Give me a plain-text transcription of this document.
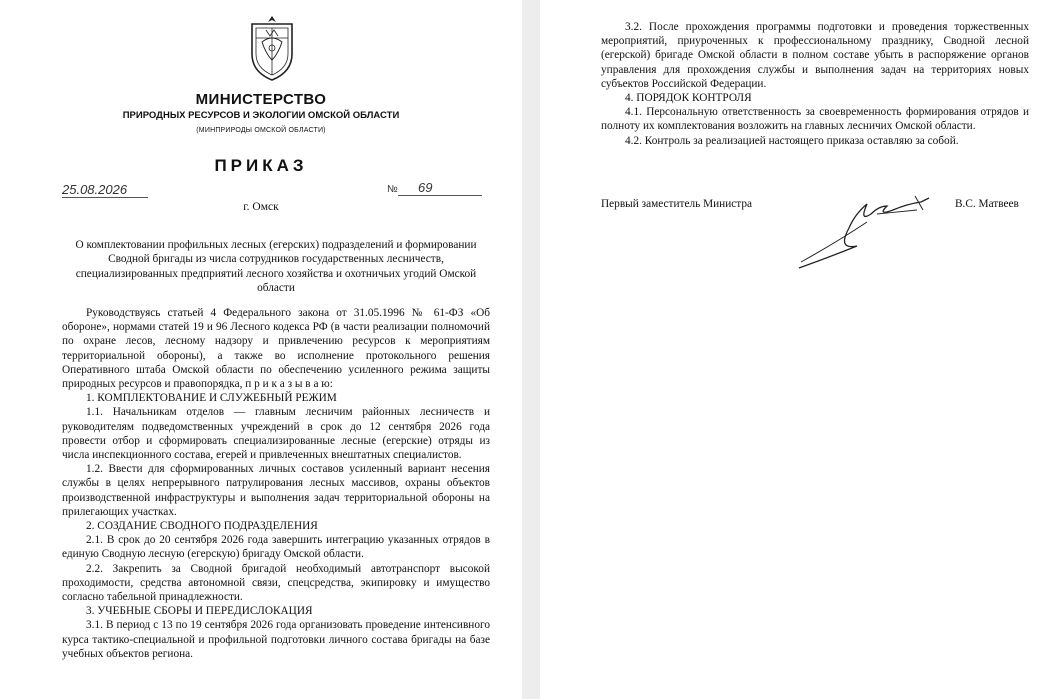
МИНИСТЕРСТВО
ПРИРОДНЫХ РЕСУРСОВ И ЭКОЛОГИИ ОМСКОЙ ОБЛАСТИ
(МИНПРИРОДЫ ОМСКОЙ ОБЛАСТИ)
ПРИКАЗ
25.08.2026	№	69
г. Омск
О комплектовании профильных лесных (егерских) подразделений и формировании Сводной бригады из числа сотрудников государственных лесничеств, специализированных предприятий лесного хозяйства и охотничьих угодий Омской области

Руководствуясь статьей 4 Федерального закона от 31.05.1996 № 61-ФЗ «Об обороне», нормами статей 19 и 96 Лесного кодекса РФ (в части реализации полномочий по охране лесов, лесному надзору и привлечению ресурсов к мероприятиям территориальной обороны), а также во исполнение протокольного решения Оперативного штаба Омской области по обеспечению усиленного режима защиты природных ресурсов и правопорядка, п р и к а з ы в а ю:

1. КОМПЛЕКТОВАНИЕ И СЛУЖЕБНЫЙ РЕЖИМ

1.1. Начальникам отделов — главным лесничим районных лесничеств и руководителям подведомственных учреждений в срок до 12 сентября 2026 года провести отбор и сформировать специализированные лесные (егерские) отряды из числа инспекционного состава, егерей и привлеченных внештатных специалистов.

1.2. Ввести для сформированных личных составов усиленный вариант несения службы в целях непрерывного патрулирования лесных массивов, охраны объектов производственной инфраструктуры и выполнения задач территориальной обороны на прилегающих участках.

2. СОЗДАНИЕ СВОДНОГО ПОДРАЗДЕЛЕНИЯ

2.1. В срок до 20 сентября 2026 года завершить интеграцию указанных отрядов в единую Сводную лесную (егерскую) бригаду Омской области.

2.2. Закрепить за Сводной бригадой необходимый автотранспорт высокой проходимости, средства автономной связи, спецсредства, экипировку и имущество согласно табельной принадлежности.

3. УЧЕБНЫЕ СБОРЫ И ПЕРЕДИСЛОКАЦИЯ

3.1. В период с 13 по 19 сентября 2026 года организовать проведение интенсивного курса тактико-специальной и профильной подготовки личного состава бригады на базе учебных объектов региона.

3.2. После прохождения программы подготовки и проведения торжественных мероприятий, приуроченных к профессиональному празднику, Сводной лесной (егерской) бригаде Омской области в полном составе убыть в распоряжение органов управления для прохождения службы и выполнения задач на территориях новых субъектов Российской Федерации.

4. ПОРЯДОК КОНТРОЛЯ

4.1. Персональную ответственность за своевременность формирования отрядов и полноту их комплектования возложить на главных лесничих Омской области.

4.2. Контроль за реализацией настоящего приказа оставляю за собой.

Первый заместитель Министра	В.С. Матвеев
